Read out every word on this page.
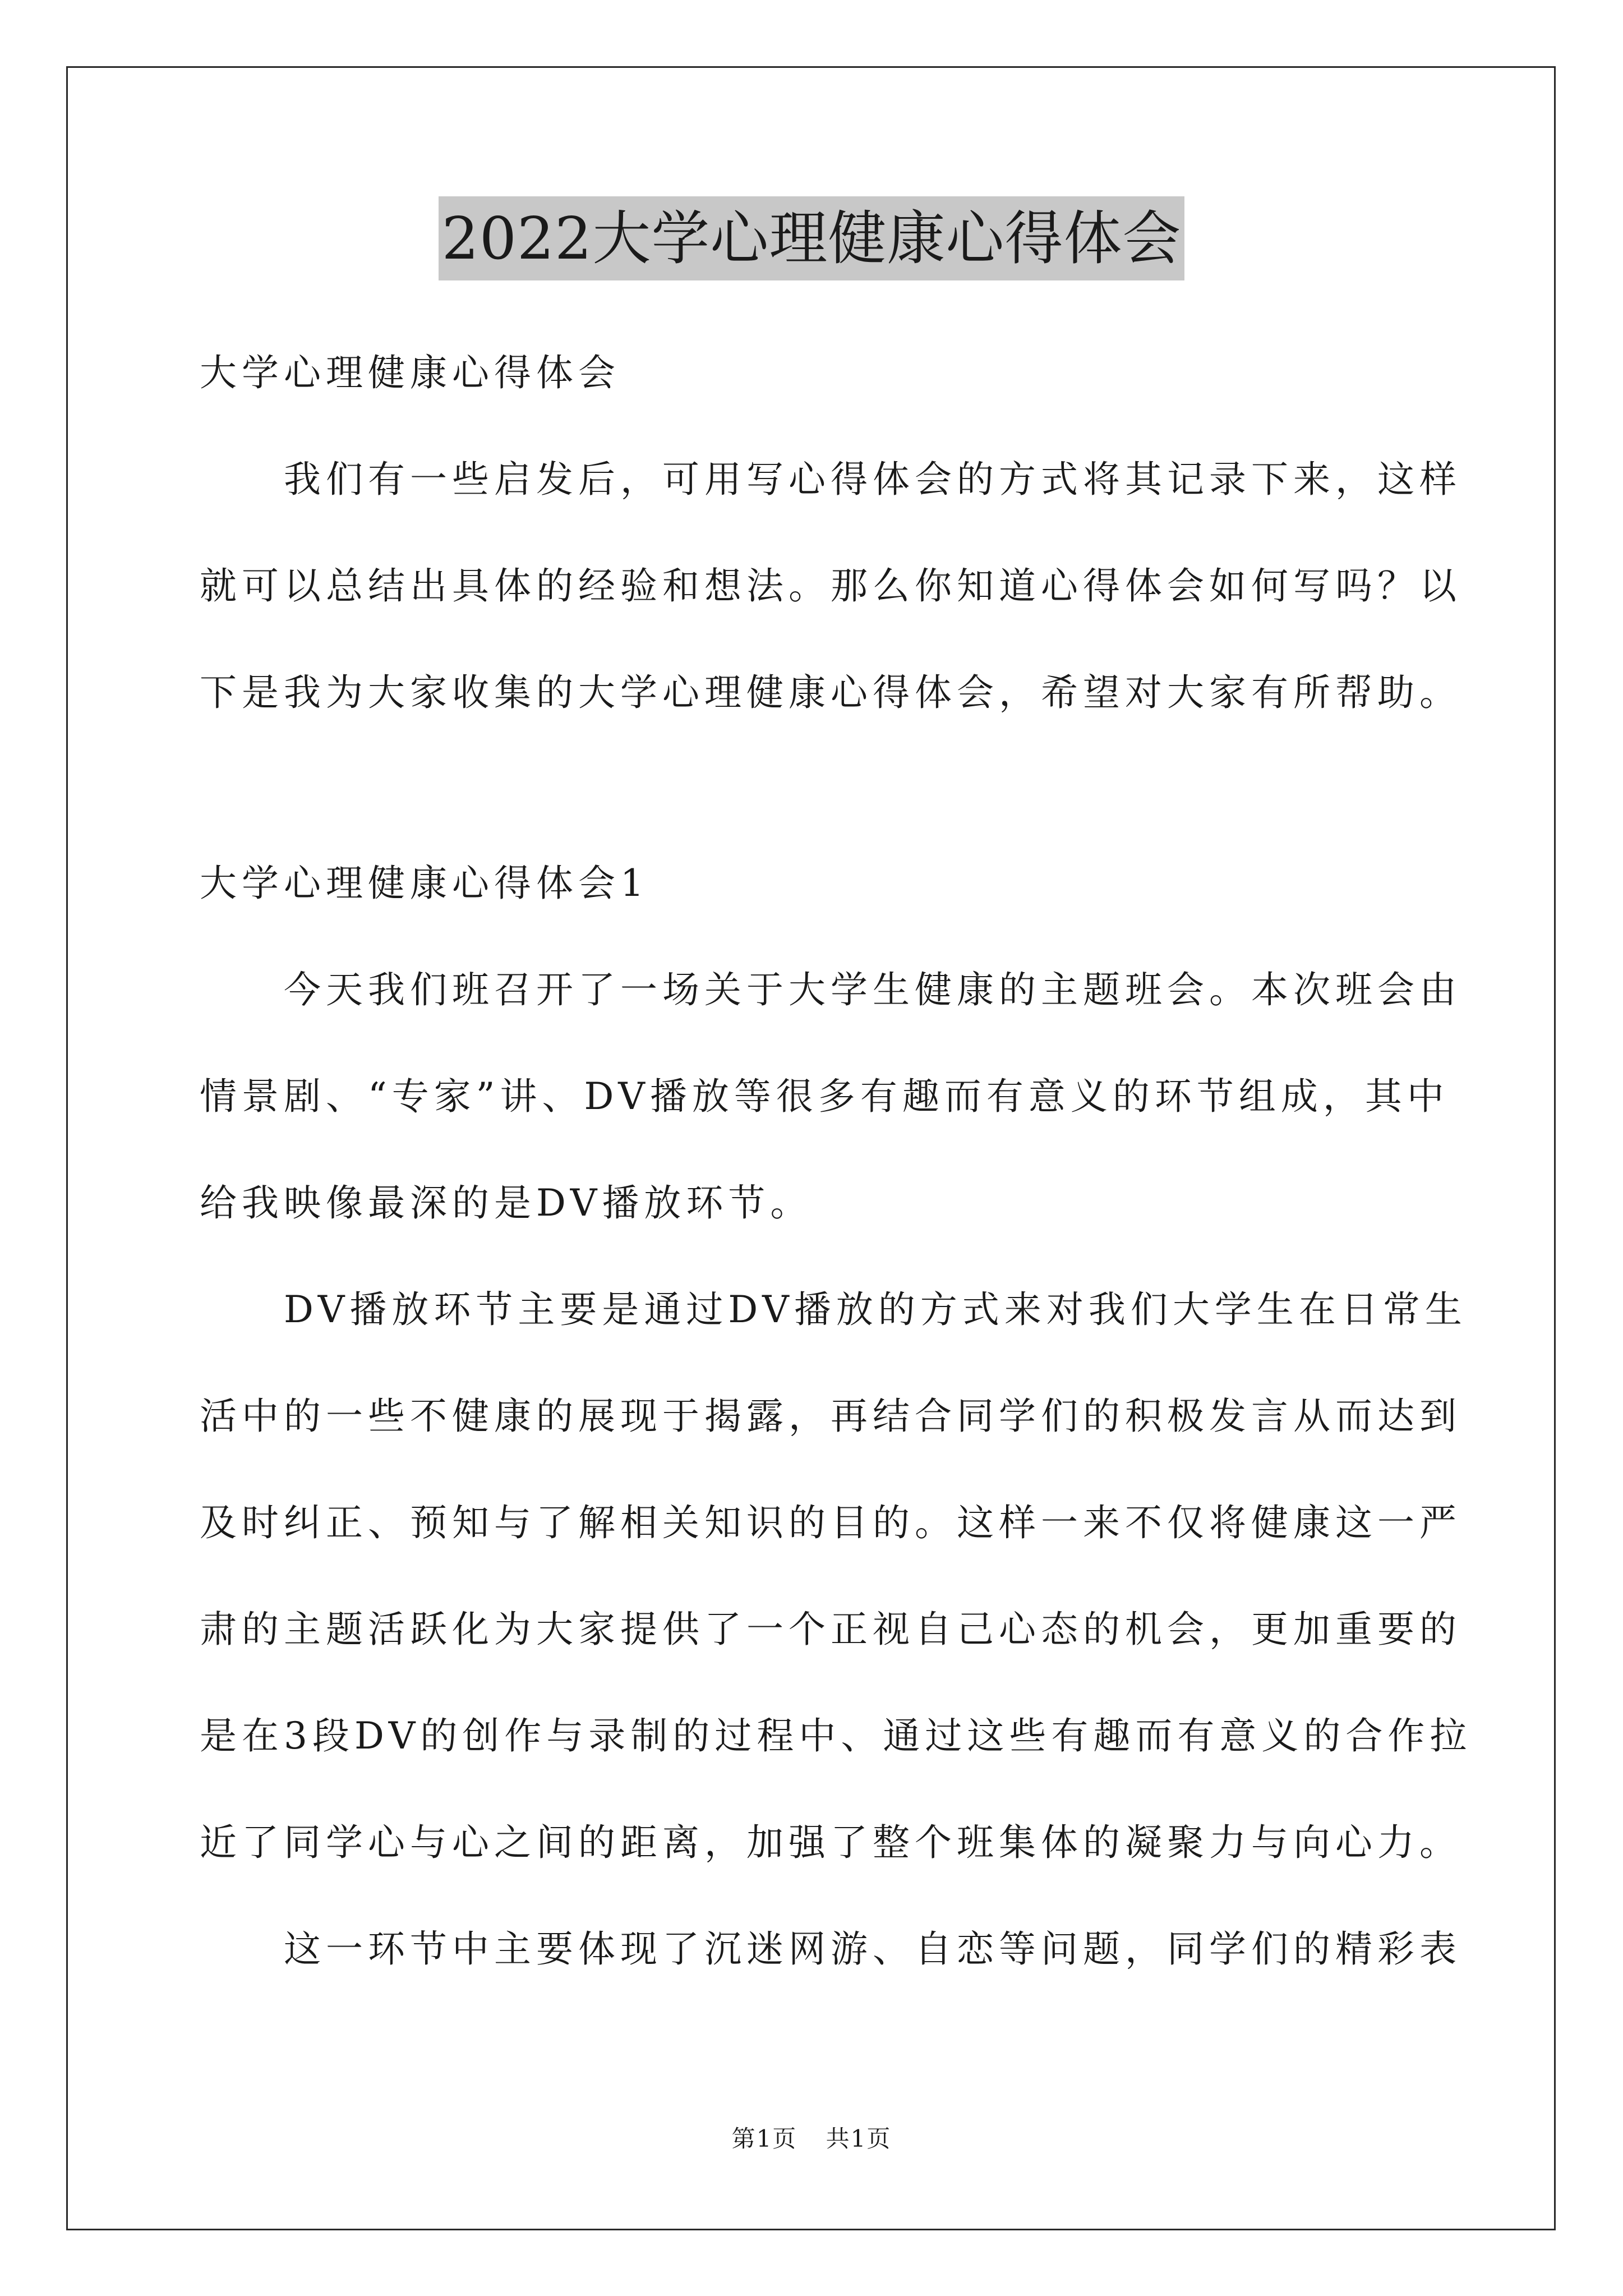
2022大学心理健康心得体会
大学心理健康心得体会
我们有一些启发后，可用写心得体会的方式将其记录下来，这样
就可以总结出具体的经验和想法。那么你知道心得体会如何写吗？以
下是我为大家收集的大学心理健康心得体会，希望对大家有所帮助。
大学心理健康心得体会1
今天我们班召开了一场关于大学生健康的主题班会。本次班会由
情景剧、“专家”讲、DV播放等很多有趣而有意义的环节组成，其中
给我映像最深的是DV播放环节。
DV播放环节主要是通过DV播放的方式来对我们大学生在日常生
活中的一些不健康的展现于揭露，再结合同学们的积极发言从而达到
及时纠正、预知与了解相关知识的目的。这样一来不仅将健康这一严
肃的主题活跃化为大家提供了一个正视自己心态的机会，更加重要的
是在3段DV的创作与录制的过程中、通过这些有趣而有意义的合作拉
近了同学心与心之间的距离，加强了整个班集体的凝聚力与向心力。
这一环节中主要体现了沉迷网游、自恋等问题，同学们的精彩表
第1页 共1页
